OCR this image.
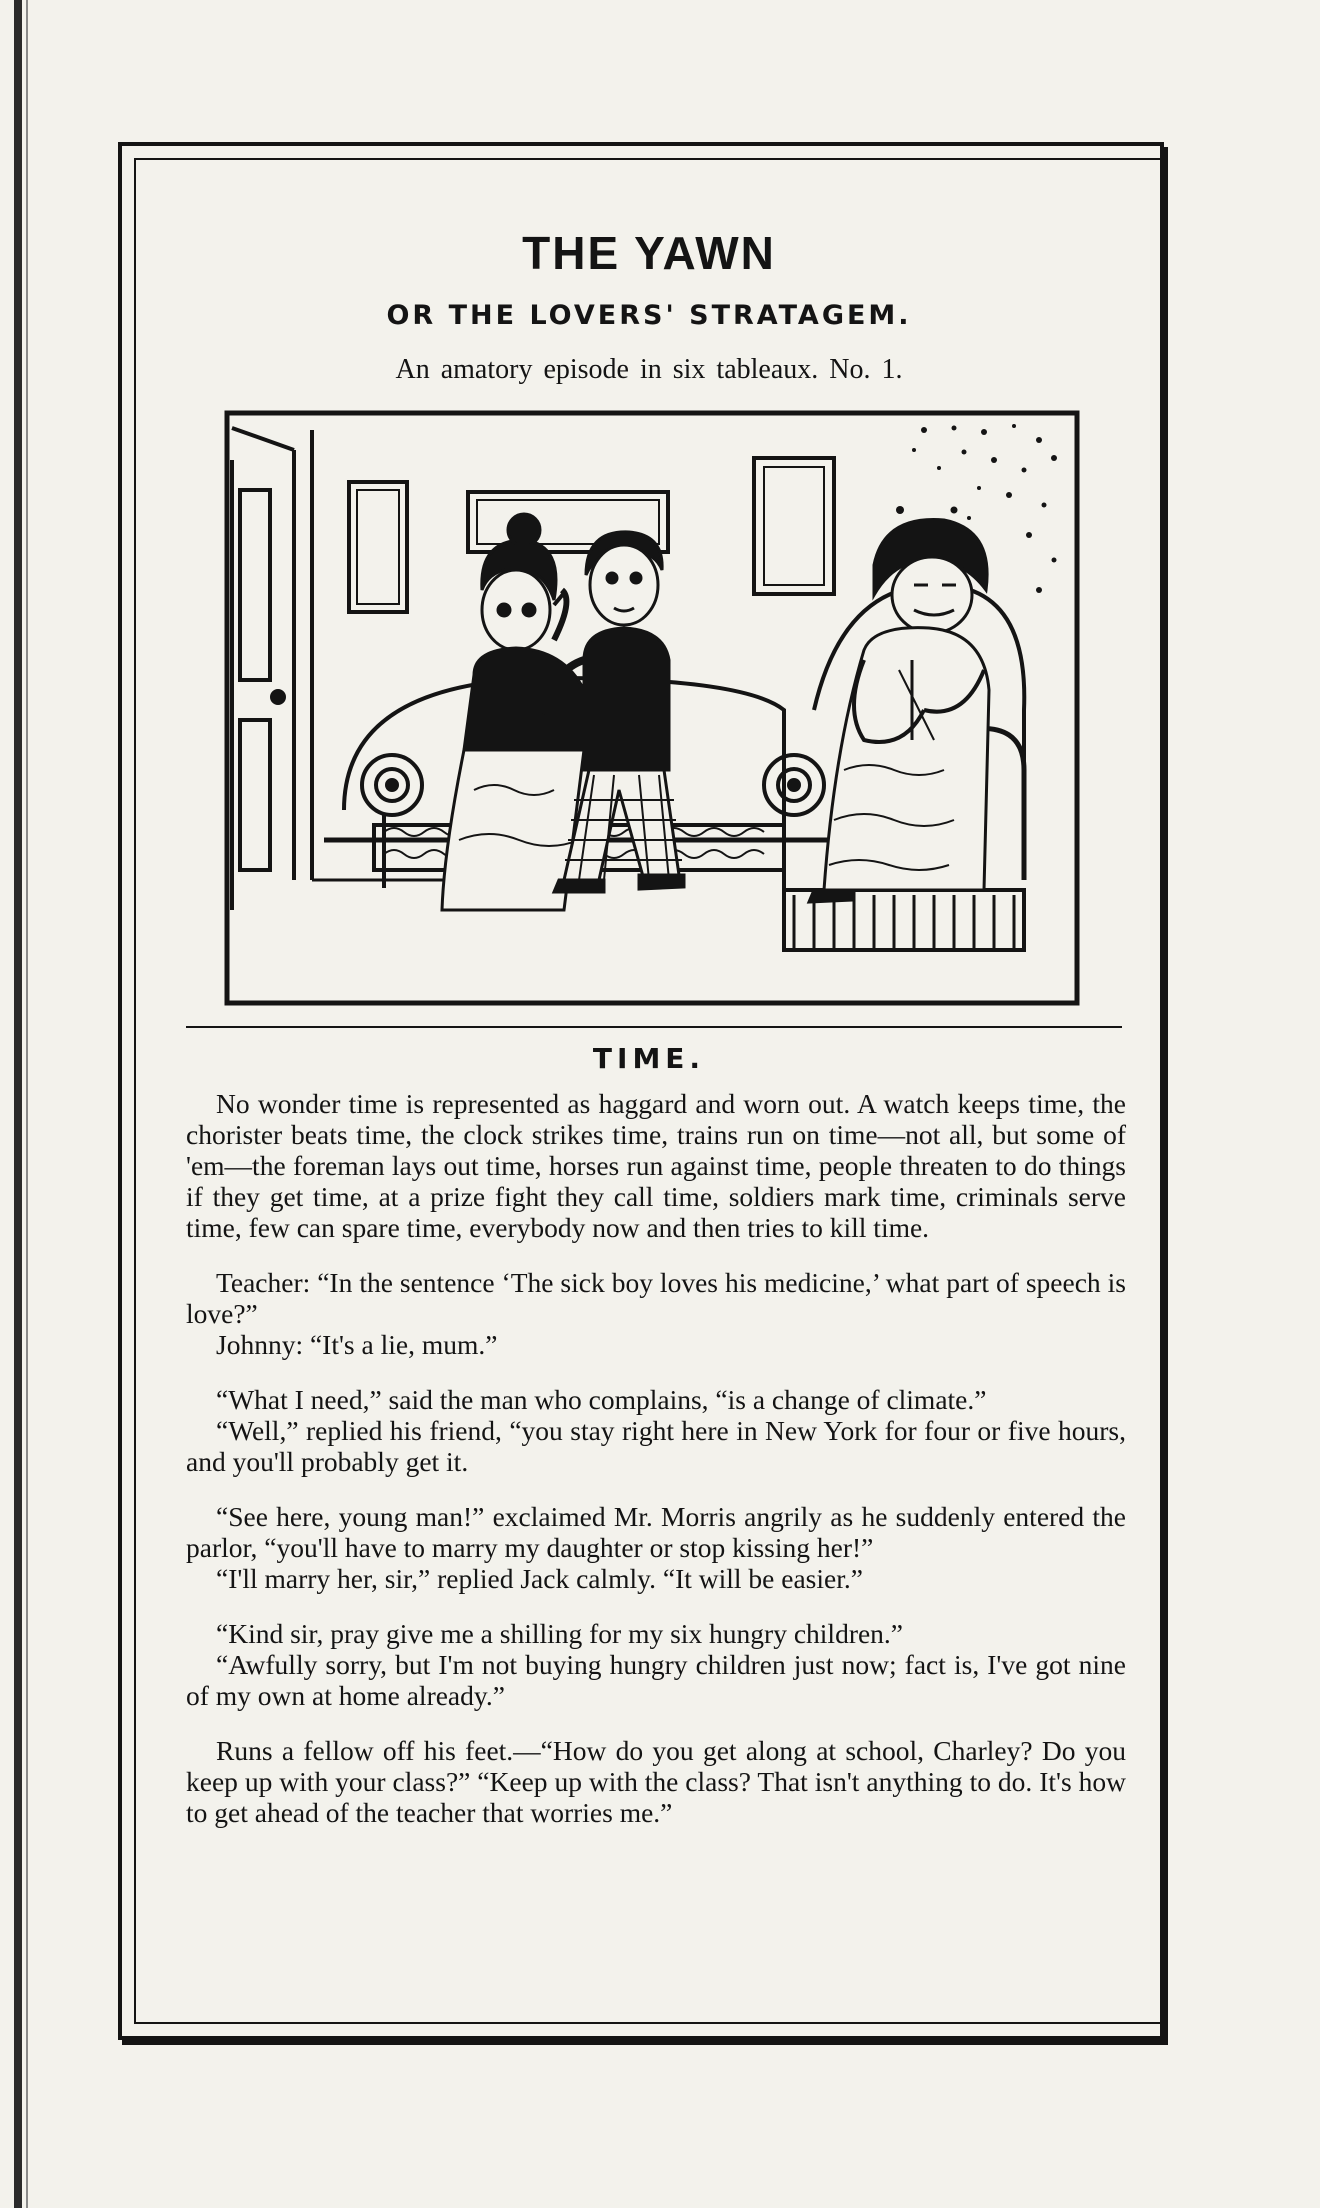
THE YAWN
OR THE LOVERS' STRATAGEM.
An amatory episode in six tableaux. No. 1.
TIME.

No wonder time is represented as haggard and worn out. A watch keeps time, the chorister beats time, the clock strikes time, trains run on time—not all, but some of 'em—the foreman lays out time, horses run against time, people threaten to do things if they get time, at a prize fight they call time, soldiers mark time, criminals serve time, few can spare time, everybody now and then tries to kill time.

Teacher: “In the sentence ‘The sick boy loves his medicine,’ what part of speech is love?”

Johnny: “It's a lie, mum.”

“What I need,” said the man who complains, “is a change of climate.”

“Well,” replied his friend, “you stay right here in New York for four or five hours, and you'll probably get it.

“See here, young man!” exclaimed Mr. Morris angrily as he suddenly entered the parlor, “you'll have to marry my daughter or stop kissing her!”

“I'll marry her, sir,” replied Jack calmly. “It will be easier.”

“Kind sir, pray give me a shilling for my six hungry children.”

“Awfully sorry, but I'm not buying hungry children just now; fact is, I've got nine of my own at home already.”

Runs a fellow off his feet.—“How do you get along at school, Charley? Do you keep up with your class?” “Keep up with the class? That isn't anything to do. It's how to get ahead of the teacher that worries me.”
